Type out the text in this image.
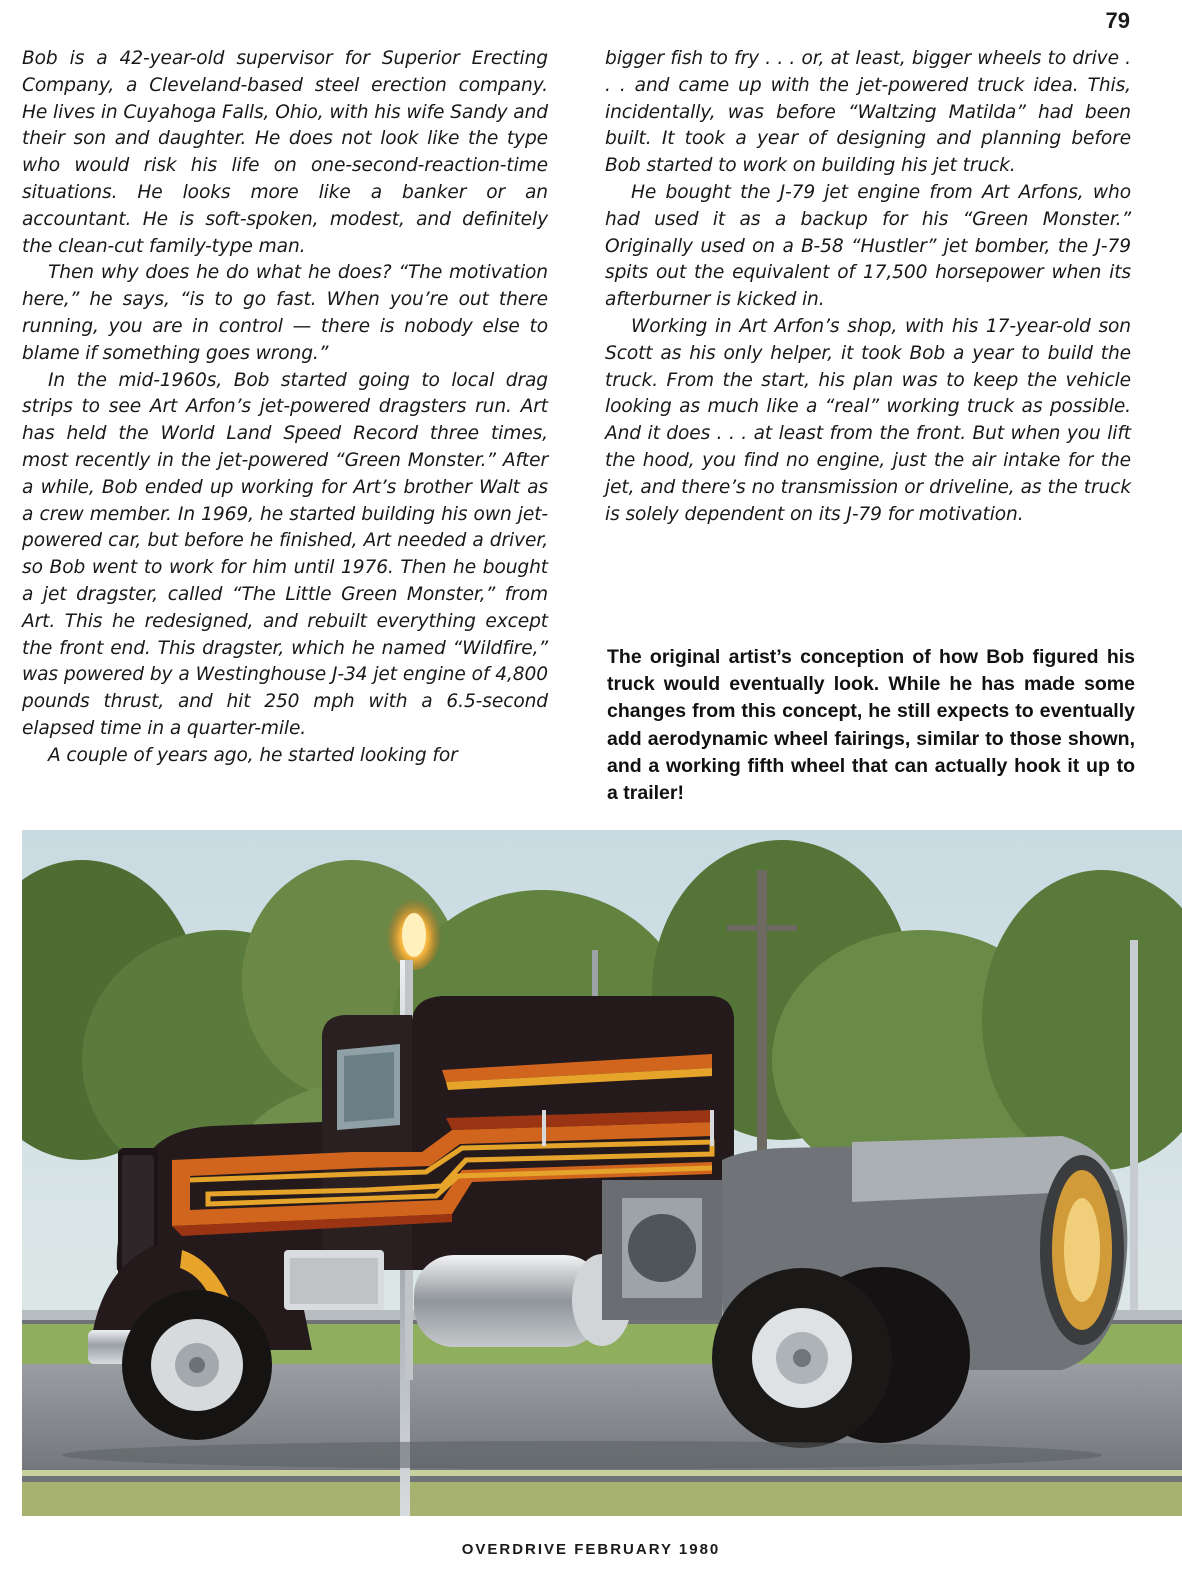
79

Bob is a 42-year-old supervisor for Superior Erecting Company, a Cleveland-based steel erection company. He lives in Cuyahoga Falls, Ohio, with his wife Sandy and their son and daughter. He does not look like the type who would risk his life on one-second-reaction-time situations. He looks more like a banker or an accountant. He is soft-spoken, modest, and definitely the clean-cut family-type man.

Then why does he do what he does? “The motivation here,” he says, “is to go fast. When you’re out there running, you are in control — there is nobody else to blame if something goes wrong.”

In the mid-1960s, Bob started going to local drag strips to see Art Arfon’s jet-powered dragsters run. Art has held the World Land Speed Record three times, most recently in the jet-powered “Green Monster.” After a while, Bob ended up working for Art’s brother Walt as a crew member. In 1969, he started building his own jet-powered car, but before he finished, Art needed a driver, so Bob went to work for him until 1976. Then he bought a jet dragster, called “The Little Green Monster,” from Art. This he redesigned, and rebuilt everything except the front end. This dragster, which he named “Wildfire,” was powered by a Westinghouse J-34 jet engine of 4,800 pounds thrust, and hit 250 mph with a 6.5-second elapsed time in a quarter-mile.

A couple of years ago, he started looking for

bigger fish to fry . . . or, at least, bigger wheels to drive . . . and came up with the jet-powered truck idea. This, incidentally, was before “Waltzing Matilda” had been built. It took a year of designing and planning before Bob started to work on building his jet truck.

He bought the J-79 jet engine from Art Arfons, who had used it as a backup for his “Green Monster.” Originally used on a B-58 “Hustler” jet bomber, the J-79 spits out the equivalent of 17,500 horsepower when its afterburner is kicked in.

Working in Art Arfon’s shop, with his 17-year-old son Scott as his only helper, it took Bob a year to build the truck. From the start, his plan was to keep the vehicle looking as much like a “real” working truck as possible. And it does . . . at least from the front. But when you lift the hood, you find no engine, just the air intake for the jet, and there’s no transmission or driveline, as the truck is solely dependent on its J-79 for motivation.

The original artist’s conception of how Bob figured his truck would eventually look. While he has made some changes from this concept, he still expects to eventually add aerodynamic wheel fairings, similar to those shown, and a working fifth wheel that can actually hook it up to a trailer!
OVERDRIVE FEBRUARY 1980
